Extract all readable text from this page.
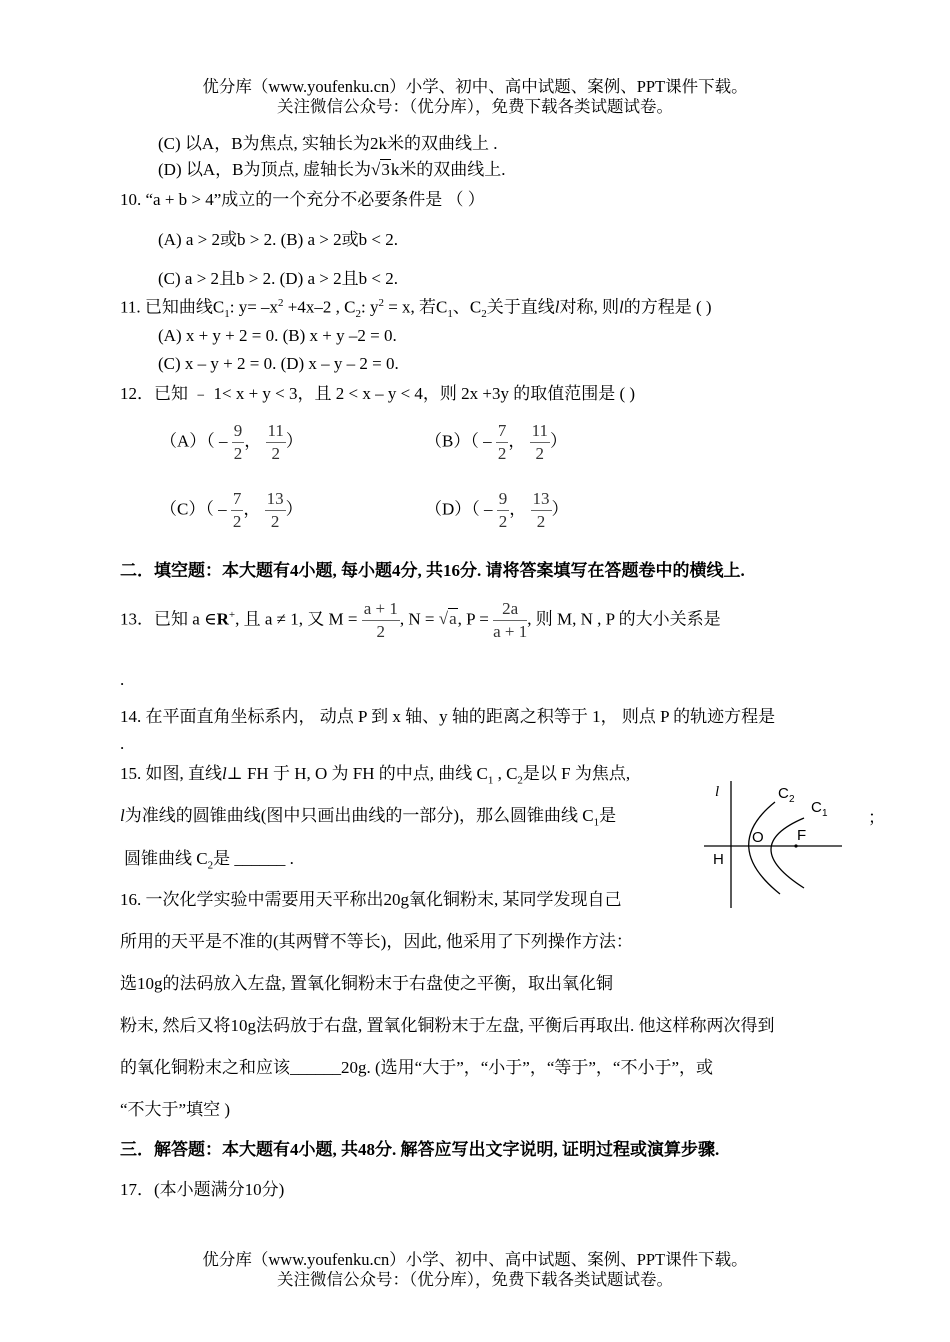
优分库（www.youfenku.cn）小学、初中、高中试题、案例、PPT课件下载。
关注微信公众号：（优分库），免费下载各类试题试卷。
(C) 以A，B为焦点, 实轴长为2k米的双曲线上 .
(D) 以A，B为顶点, 虚轴长为√3k米的双曲线上.
10. “a + b > 4”成立的一个充分不必要条件是 （ ）
(A) a > 2或b > 2. (B) a > 2或b < 2.
(C) a > 2且b > 2. (D) a > 2且b < 2.
11. 已知曲线$C_1$: $y= -x^2 +4x-2$ , $C_2$: $y^2 = x$, 若$C_1$、$C_2$关于直线l对称, 则l的方程是 ( )
(A) x + y + 2 = 0. (B) x + y –2 = 0.
(C) x – y + 2 = 0. (D) x – y – 2 = 0.
12．已知 ﹣ 1< x + y < 3，且 2 < x – y < 4，则 2x +3y 的取值范围是 ( )
$(A)( - \frac{9}{2}$ ， $\frac{11}{2}$ ）	$(B)( - \frac{7}{2}$ ， $\frac{11}{2}$ ）
$(C)( - \frac{7}{2}$ ， $\frac{13}{2}$ ）	$(D)( - \frac{9}{2}$ ， $\frac{13}{2}$ ）
二．填空题：本大题有4小题, 每小题4分, 共16分. 请将答案填写在答题卷中的横线上.
13．已知 a ∈R+, 且 a ≠ 1, 又 $M = \frac{a + 1}{2}$ , N = √a, $P = \frac{2a}{a + 1}$ , 则 M, N , P 的大小关系是
.
14. 在平面直角坐标系内， 动点 P 到 x 轴、y 轴的距离之积等于 1， 则点 P 的轨迹方程是
.
15. 如图, 直线l⊥ FH 于 H, O 为 FH 的中点, 曲线 $C_1$ , $C_2$是以 F 为焦点,
l为准线的圆锥曲线(图中只画出曲线的一部分)，那么圆锥曲线 $C_1$是	；
圆锥曲线 $C_2$是 ______ .
l	C 2 C 1
O F
H
16. 一次化学实验中需要用天平称出20g氧化铜粉末, 某同学发现自己
所用的天平是不准的(其两臂不等长)，因此, 他采用了下列操作方法：
选10g的法码放入左盘, 置氧化铜粉末于右盘使之平衡，取出氧化铜
粉末, 然后又将10g法码放于右盘, 置氧化铜粉末于左盘, 平衡后再取出. 他这样称两次得到
的氧化铜粉末之和应该______20g. (选用“大于”，“小于”，“等于”，“不小于”，或
“不大于”填空 )
三．解答题：本大题有4小题, 共48分. 解答应写出文字说明, 证明过程或演算步骤.
17．(本小题满分10分)
优分库（www.youfenku.cn）小学、初中、高中试题、案例、PPT课件下载。
关注微信公众号：（优分库），免费下载各类试题试卷。
